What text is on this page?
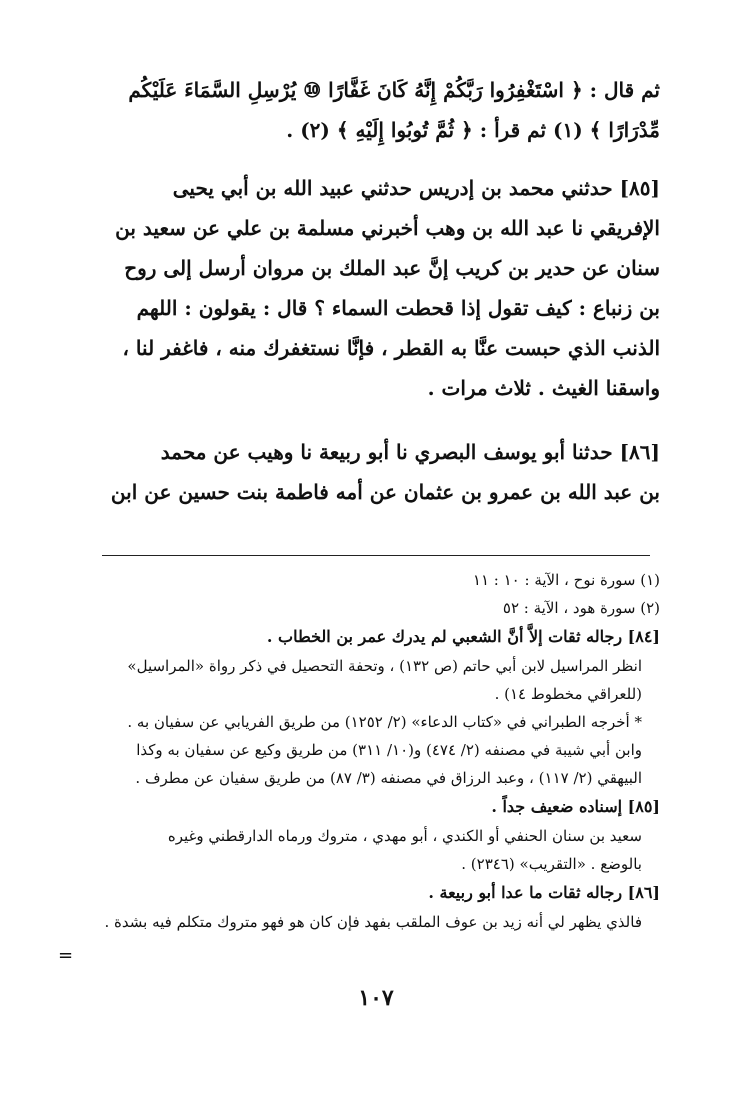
ثم قال : ﴿ اسْتَغْفِرُوا رَبَّكُمْ إِنَّهُ كَانَ غَفَّارًا ⑩ يُرْسِلِ السَّمَاءَ عَلَيْكُم
مِّدْرَارًا ﴾ (١) ثم قرأ : ﴿ ثُمَّ تُوبُوا إِلَيْهِ ﴾ (٢) .
[٨٥] حدثني محمد بن إدريس حدثني عبيد الله بن أبي يحيى
الإفريقي نا عبد الله بن وهب أخبرني مسلمة بن علي عن سعيد بن
سنان عن حدير بن كريب إنَّ عبد الملك بن مروان أرسل إلى روح
بن زنباع : كيف تقول إذا قحطت السماء ؟ قال : يقولون : اللهم
الذنب الذي حبست عنَّا به القطر ، فإنَّا نستغفرك منه ، فاغفر لنا ،
واسقنا الغيث . ثلاث مرات .
[٨٦] حدثنا أبو يوسف البصري نا أبو ربيعة نا وهيب عن محمد
بن عبد الله بن عمرو بن عثمان عن أمه فاطمة بنت حسين عن ابن
(١) سورة نوح ، الآية : ١٠ : ١١
(٢) سورة هود ، الآية : ٥٢
[٨٤] رجاله ثقات إلاَّ أنَّ الشعبي لم يدرك عمر بن الخطاب .
انظر المراسيل لابن أبي حاتم (ص ١٣٢) ، وتحفة التحصيل في ذكر رواة «المراسيل»
(للعراقي مخطوط ١٤) .
* أخرجه الطبراني في «كتاب الدعاء» (٢/ ١٢٥٢) من طريق الفريابي عن سفيان به .
وابن أبي شيبة في مصنفه (٢/ ٤٧٤) و(١٠/ ٣١١) من طريق وكيع عن سفيان به وكذا
البيهقي (٢/ ١١٧) ، وعبد الرزاق في مصنفه (٣/ ٨٧) من طريق سفيان عن مطرف .
[٨٥] إسناده ضعيف جداً .
سعيد بن سنان الحنفي أو الكندي ، أبو مهدي ، متروك ورماه الدارقطني وغيره
بالوضع . «التقريب» (٢٣٤٦) .
[٨٦] رجاله ثقات ما عدا أبو ربيعة .
فالذي يظهر لي أنه زيد بن عوف الملقب بفهد فإن كان هو فهو متروك متكلم فيه بشدة .
=
١٠٧
